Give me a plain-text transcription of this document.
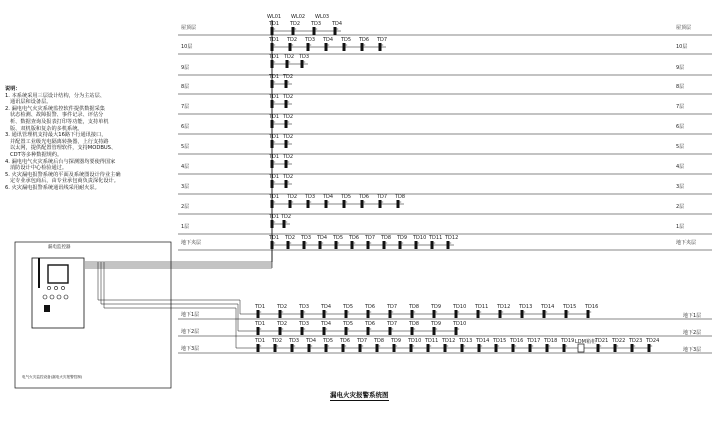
说明：
1. 本系统采用三层设计结构，分为主站层、
通讯层和设备层。
2. 漏电电气火灾系统监控软件提供数据采集
状态检测、故障报警、事件记录、评估分
析、数据查询及报表打印等功能，支持单机
版、双机版和复杂的多机系统。
3. 通讯管理机支持最大16路下行通讯接口，
并配置工业级光电隔离转换器，上行支持路
以太网，提供配置管理软件，支持MODBUS、
CDT等多种数据规约。
4. 漏电电气火灾系统后台与探测器均要使得国家
消防设计中心检验通过。
5. 火灾漏电报警系统的平面及系统图设计待业主确
定专业承包商后，由专业承包商负责深化设计。
6. 火灾漏电报警系统通讯线采用耐火泵。
漏电监控器
电气火灾监控设备(漏电火灾报警控制)
漏电火灾报警系统图
屋顶层	屋顶层
10层	10层
9层	9层
8层	8层
7层	7层
6层	6层
5层	5层
4层	4层
3层	3层
2层	2层
1层	1层
地下夹层	地下夹层
TD1 TD2 TD3 TD4
TD1 TD2 TD3 TD4 TD5 TD6 TD7
TD1 TD2 TD3
TD1 TD2
TD1 TD2
TD1 TD2
TD1 TD2
TD1 TD2
TD1 TD2
TD1 TD2 TD3 TD4 TD5 TD6 TD7 TD8
TD1 TD2
TD1 TD2 TD3 TD4 TD5 TD6 TD7 TD8 TD9 TD10 TD11 TD12
WL01 WL02 WL03
地下1层	地下1层
TD1 TD2 TD3 TD4 TD5 TD6 TD7 TD8 TD9 TD10 TD11 TD12 TD13 TD14 TD15 TD16
地下2层	地下2层
TD1 TD2 TD3 TD4 TD5 TD6 TD7 TD8 TD9 TD10
地下3层	地下3层
TD1 TD2 TD3 TD4 TD5 TD6 TD7 TD8 TD9 TD10 TD11 TD12 TD13 TD14 TD15 TD16 TD17 TD18 TD19	TD21 TD22 TD23 TD24
LDM箱柜
